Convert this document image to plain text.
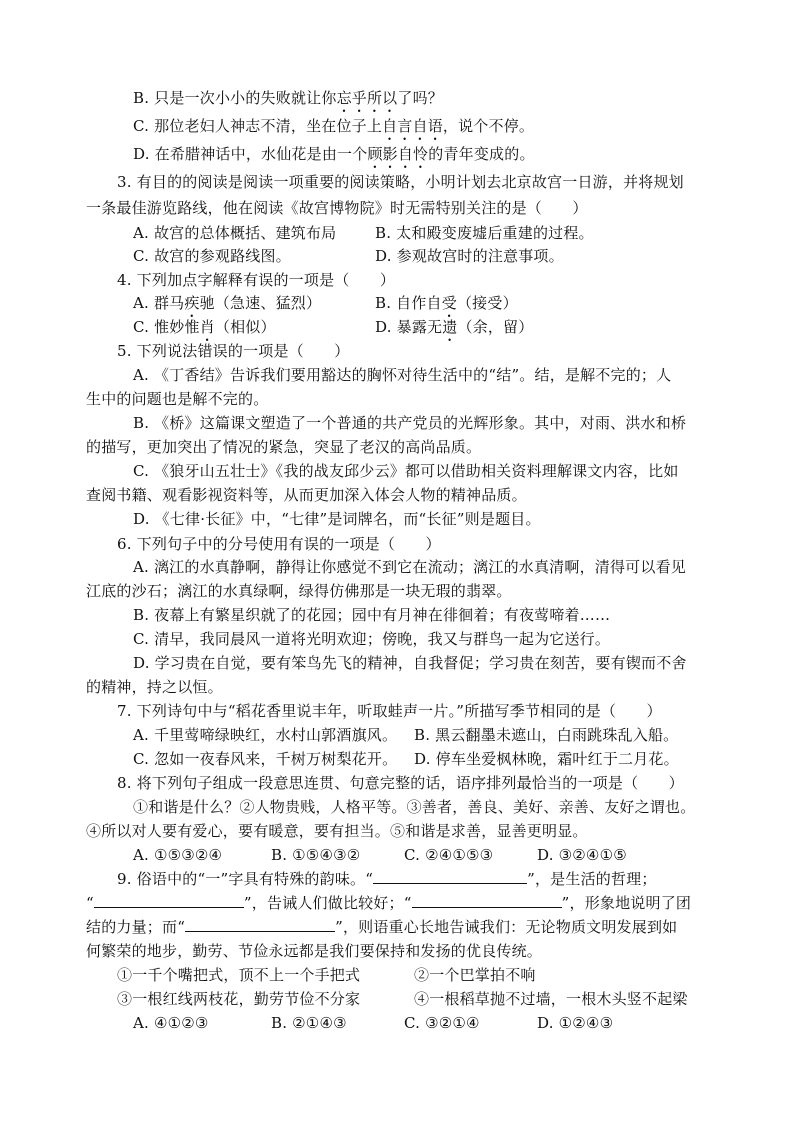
B. 只是一次小小的失败就让你忘乎所以了吗？
C. 那位老妇人神志不清，坐在位子上自言自语，说个不停。
D. 在希腊神话中，水仙花是由一个顾影自怜的青年变成的。
3. 有目的的阅读是阅读一项重要的阅读策略，小明计划去北京故宫一日游，并将规划
一条最佳游览路线，他在阅读《故宫博物院》时无需特别关注的是（　　）
A. 故宫的总体概括、建筑布局	B. 太和殿变废墟后重建的过程。
C. 故宫的参观路线图。	D. 参观故宫时的注意事项。
4. 下列加点字解释有误的一项是（　　）
A. 群马疾驰（急速、猛烈）	B. 自作自受（接受）
C. 惟妙惟肖（相似）	D. 暴露无遗（余，留）
5. 下列说法错误的一项是（　　）
A. 《丁香结》告诉我们要用豁达的胸怀对待生活中的“结”。结，是解不完的；人
生中的问题也是解不完的。
B. 《桥》这篇课文塑造了一个普通的共产党员的光辉形象。其中，对雨、洪水和桥
的描写，更加突出了情况的紧急，突显了老汉的高尚品质。
C. 《狼牙山五壮士》《我的战友邱少云》都可以借助相关资料理解课文内容，比如
查阅书籍、观看影视资料等，从而更加深入体会人物的精神品质。
D. 《七律·长征》中，“七律”是词牌名，而“长征”则是题目。
6. 下列句子中的分号使用有误的一项是（　　）
A. 漓江的水真静啊，静得让你感觉不到它在流动；漓江的水真清啊，清得可以看见
江底的沙石；漓江的水真绿啊，绿得仿佛那是一块无瑕的翡翠。
B. 夜幕上有繁星织就了的花园；园中有月神在徘徊着；有夜莺啼着……
C. 清早，我同晨风一道将光明欢迎；傍晚，我又与群鸟一起为它送行。
D. 学习贵在自觉，要有笨鸟先飞的精神，自我督促；学习贵在刻苦，要有锲而不舍
的精神，持之以恒。
7. 下列诗句中与“稻花香里说丰年，听取蛙声一片。”所描写季节相同的是（　　）
A. 千里莺啼绿映红，水村山郭酒旗风。 B. 黑云翻墨未遮山，白雨跳珠乱入船。
C. 忽如一夜春风来，千树万树梨花开。 D. 停车坐爱枫林晚，霜叶红于二月花。
8. 将下列句子组成一段意思连贯、句意完整的话，语序排列最恰当的一项是（　　）
①和谐是什么？②人物贵贱，人格平等。③善者，善良、美好、亲善、友好之谓也。
④所以对人要有爱心，要有暖意，要有担当。⑤和谐是求善，显善更明显。
A. ①⑤③②④	B. ①⑤④③②	C. ②④①⑤③	D. ③②④①⑤
9. 俗语中的“一”字具有特殊的韵味。“	”，是生活的哲理；
“	”，告诫人们做比较好；“	”，形象地说明了团
结的力量；而“	”，则语重心长地告诫我们：无论物质文明发展到如
何繁荣的地步，勤劳、节俭永远都是我们要保持和发扬的优良传统。
①一千个嘴把式，顶不上一个手把式	②一个巴掌拍不响
③一根红线两枝花，勤劳节俭不分家	④一根稻草抛不过墙，一根木头竖不起梁
A. ④①②③	B. ②①④③	C. ③②①④	D. ①②④③
